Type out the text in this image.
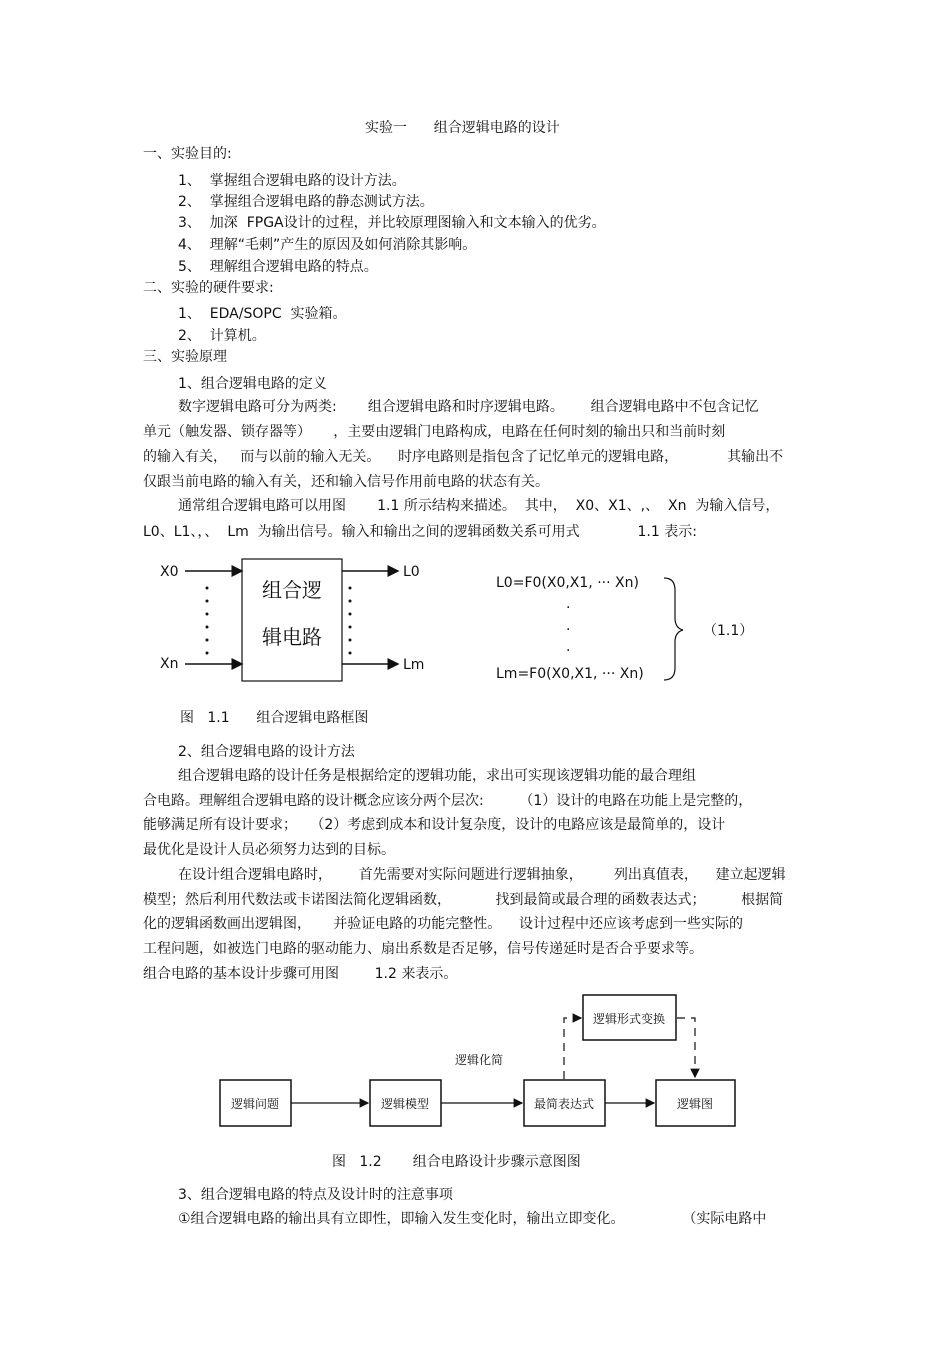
实验一      组合逻辑电路的设计
一、实验目的:
1、  掌握组合逻辑电路的设计方法。
2、  掌握组合逻辑电路的静态测试方法。
3、  加深  FPGA设计的过程，并比较原理图输入和文本输入的优劣。
4、  理解“毛刺”产生的原因及如何消除其影响。
5、  理解组合逻辑电路的特点。
二、实验的硬件要求:
1、  EDA/SOPC  实验箱。
2、  计算机。
三、实验原理
1、组合逻辑电路的定义
数字逻辑电路可分为两类:       组合逻辑电路和时序逻辑电路。      组合逻辑电路中不包含记忆
单元（触发器、锁存器等）     ，主要由逻辑门电路构成，电路在任何时刻的输出只和当前时刻
的输入有关，   而与以前的输入无关。    时序电路则是指包含了记忆单元的逻辑电路，           其输出不
仅跟当前电路的输入有关，还和输入信号作用前电路的状态有关。
通常组合逻辑电路可以用图       1.1 所示结构来描述。  其中，  X0、X1、,、  Xn  为输入信号，
L0、L1、，、  Lm  为输出信号。输入和输出之间的逻辑函数关系可用式             1.1 表示:
X0
Xn
组合逻
辑电路
L0
Lm
L0=F0(X0,X1, ··· Xn)
.
.
.
Lm=F0(X0,X1, ··· Xn)
（1.1）
图   1.1      组合逻辑电路框图
2、组合逻辑电路的设计方法
组合逻辑电路的设计任务是根据给定的逻辑功能，求出可实现该逻辑功能的最合理组
合电路。理解组合逻辑电路的设计概念应该分两个层次:        （1）设计的电路在功能上是完整的，
能够满足所有设计要求；   （2）考虑到成本和设计复杂度，设计的电路应该是最简单的，设计
最优化是设计人员必须努力达到的目标。
在设计组合逻辑电路时，      首先需要对实际问题进行逻辑抽象，       列出真值表，    建立起逻辑
模型；然后利用代数法或卡诺图法简化逻辑函数，          找到最简或最合理的函数表达式；        根据简
化的逻辑函数画出逻辑图，     并验证电路的功能完整性。    设计过程中还应该考虑到一些实际的
工程问题，如被选门电路的驱动能力、扇出系数是否足够，信号传递延时是否合乎要求等。
组合电路的基本设计步骤可用图        1.2 来表示。
逻辑形式变换
逻辑化简
逻辑问题	逻辑模型	最简表达式	逻辑图
图   1.2       组合电路设计步骤示意图图
3、组合逻辑电路的特点及设计时的注意事项
①组合逻辑电路的输出具有立即性，即输入发生变化时，输出立即变化。             （实际电路中
